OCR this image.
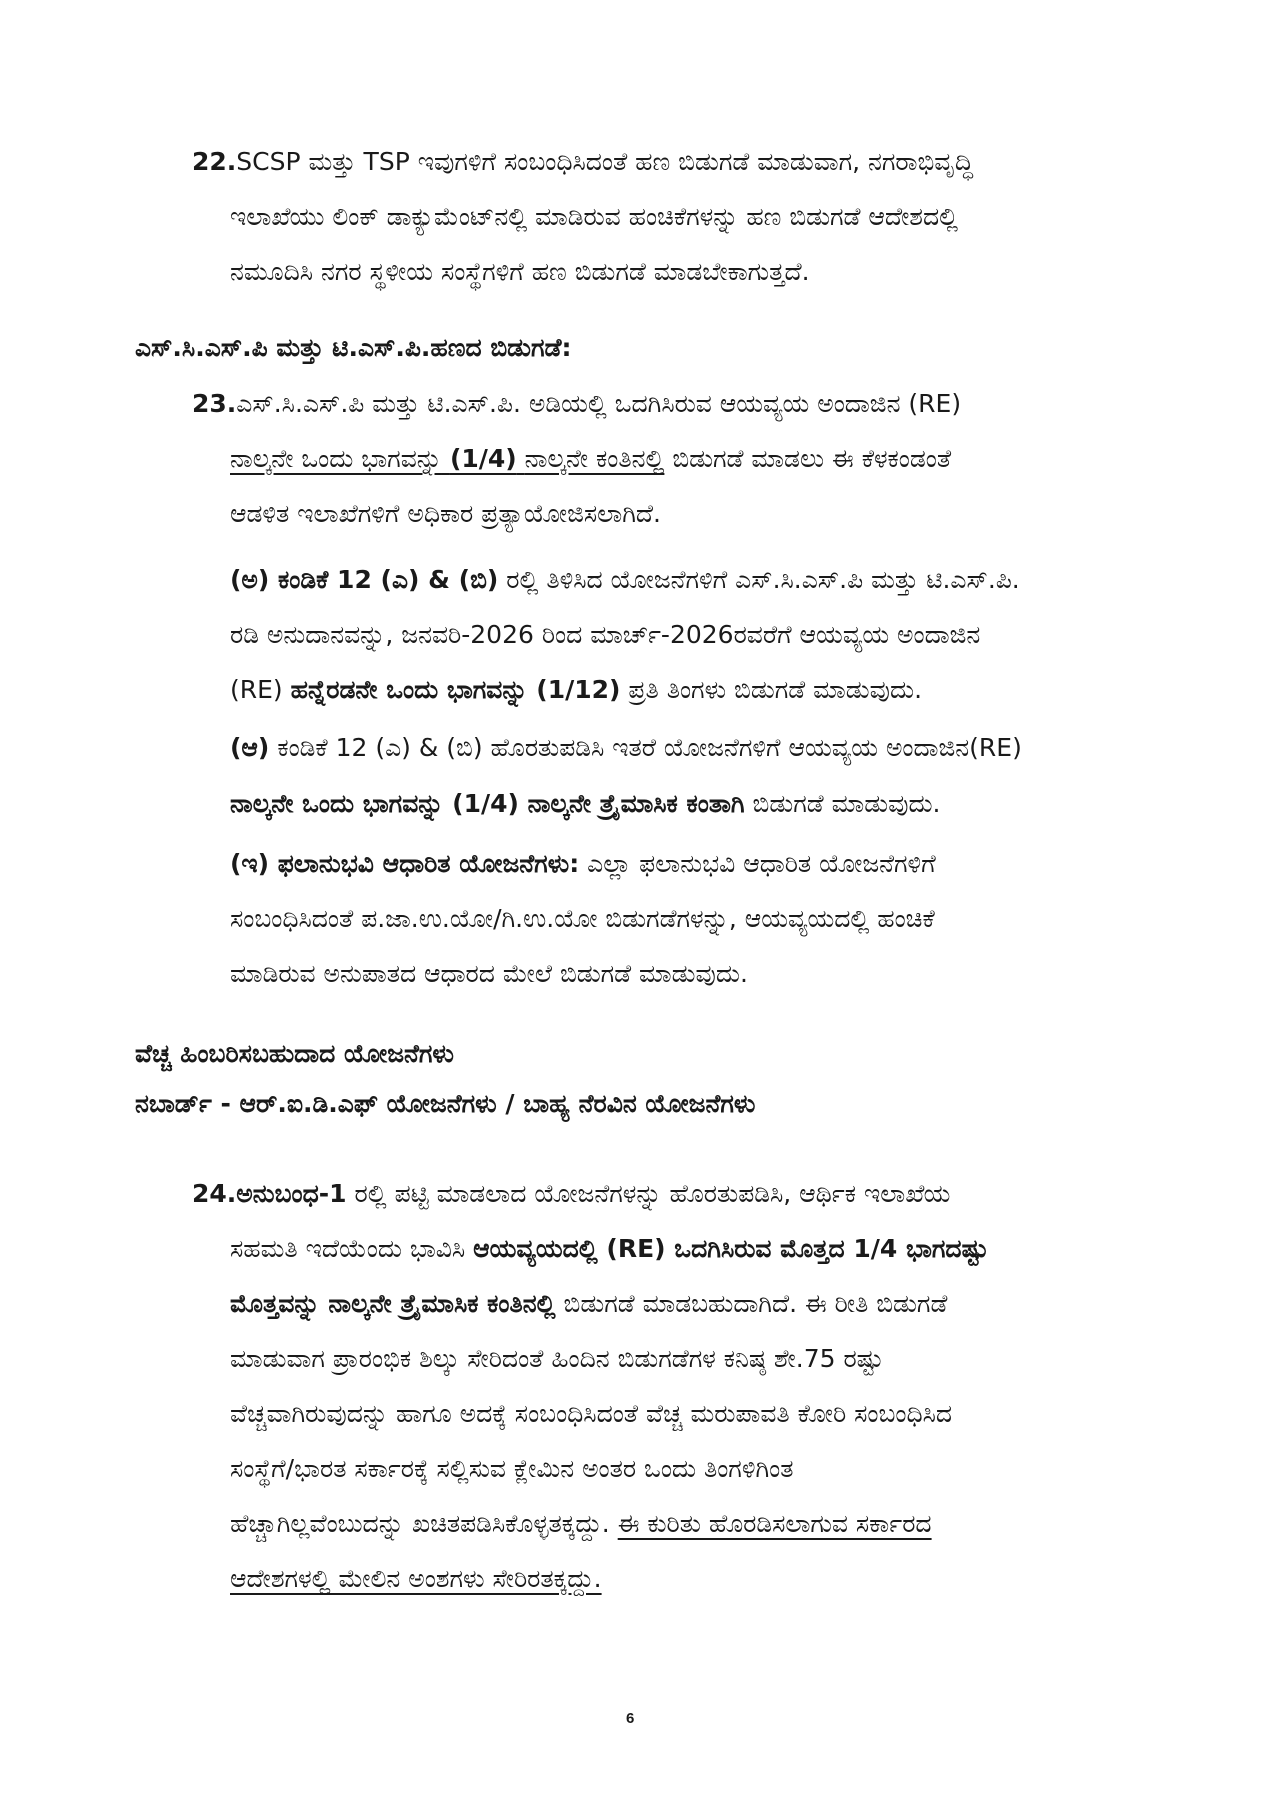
22.SCSP ಮತ್ತು TSP ಇವುಗಳಿಗೆ ಸಂಬಂಧಿಸಿದಂತೆ ಹಣ ಬಿಡುಗಡೆ ಮಾಡುವಾಗ, ನಗರಾಭಿವೃದ್ಧಿ
ಇಲಾಖೆಯು ಲಿಂಕ್ ಡಾಕ್ಯುಮೆಂಟ್‌ನಲ್ಲಿ ಮಾಡಿರುವ ಹಂಚಿಕೆಗಳನ್ನು ಹಣ ಬಿಡುಗಡೆ ಆದೇಶದಲ್ಲಿ
ನಮೂದಿಸಿ ನಗರ ಸ್ಥಳೀಯ ಸಂಸ್ಥೆಗಳಿಗೆ ಹಣ ಬಿಡುಗಡೆ ಮಾಡಬೇಕಾಗುತ್ತದೆ.
ಎಸ್.ಸಿ.ಎಸ್.ಪಿ ಮತ್ತು ಟಿ.ಎಸ್.ಪಿ.ಹಣದ ಬಿಡುಗಡೆ:
23.ಎಸ್.ಸಿ.ಎಸ್.ಪಿ ಮತ್ತು ಟಿ.ಎಸ್.ಪಿ. ಅಡಿಯಲ್ಲಿ ಒದಗಿಸಿರುವ ಆಯವ್ಯಯ ಅಂದಾಜಿನ (RE)
ನಾಲ್ಕನೇ ಒಂದು ಭಾಗವನ್ನು (1/4) ನಾಲ್ಕನೇ ಕಂತಿನಲ್ಲಿ ಬಿಡುಗಡೆ ಮಾಡಲು ಈ ಕೆಳಕಂಡಂತೆ
ಆಡಳಿತ ಇಲಾಖೆಗಳಿಗೆ ಅಧಿಕಾರ ಪ್ರತ್ಯಾಯೋಜಿಸಲಾಗಿದೆ.
(ಅ) ಕಂಡಿಕೆ 12 (ಎ) & (ಬಿ) ರಲ್ಲಿ ತಿಳಿಸಿದ ಯೋಜನೆಗಳಿಗೆ ಎಸ್.ಸಿ.ಎಸ್.ಪಿ ಮತ್ತು ಟಿ.ಎಸ್.ಪಿ.
ರಡಿ ಅನುದಾನವನ್ನು, ಜನವರಿ-2026 ರಿಂದ ಮಾರ್ಚ್-2026ರವರೆಗೆ ಆಯವ್ಯಯ ಅಂದಾಜಿನ
(RE) ಹನ್ನೆರಡನೇ ಒಂದು ಭಾಗವನ್ನು (1/12) ಪ್ರತಿ ತಿಂಗಳು ಬಿಡುಗಡೆ ಮಾಡುವುದು.
(ಆ) ಕಂಡಿಕೆ 12 (ಎ) & (ಬಿ) ಹೊರತುಪಡಿಸಿ ಇತರೆ ಯೋಜನೆಗಳಿಗೆ ಆಯವ್ಯಯ ಅಂದಾಜಿನ(RE)
ನಾಲ್ಕನೇ ಒಂದು ಭಾಗವನ್ನು (1/4) ನಾಲ್ಕನೇ ತ್ರೈಮಾಸಿಕ ಕಂತಾಗಿ ಬಿಡುಗಡೆ ಮಾಡುವುದು.
(ಇ) ಫಲಾನುಭವಿ ಆಧಾರಿತ ಯೋಜನೆಗಳು: ಎಲ್ಲಾ ಫಲಾನುಭವಿ ಆಧಾರಿತ ಯೋಜನೆಗಳಿಗೆ
ಸಂಬಂಧಿಸಿದಂತೆ ಪ.ಜಾ.ಉ.ಯೋ/ಗಿ.ಉ.ಯೋ ಬಿಡುಗಡೆಗಳನ್ನು, ಆಯವ್ಯಯದಲ್ಲಿ ಹಂಚಿಕೆ
ಮಾಡಿರುವ ಅನುಪಾತದ ಆಧಾರದ ಮೇಲೆ ಬಿಡುಗಡೆ ಮಾಡುವುದು.
ವೆಚ್ಚ ಹಿಂಬರಿಸಬಹುದಾದ ಯೋಜನೆಗಳು
ನಬಾರ್ಡ್ - ಆರ್.ಐ.ಡಿ.ಎಫ್ ಯೋಜನೆಗಳು / ಬಾಹ್ಯ ನೆರವಿನ ಯೋಜನೆಗಳು
24.ಅನುಬಂಧ-1 ರಲ್ಲಿ ಪಟ್ಟಿ ಮಾಡಲಾದ ಯೋಜನೆಗಳನ್ನು ಹೊರತುಪಡಿಸಿ, ಆರ್ಥಿಕ ಇಲಾಖೆಯ
ಸಹಮತಿ ಇದೆಯೆಂದು ಭಾವಿಸಿ ಆಯವ್ಯಯದಲ್ಲಿ (RE) ಒದಗಿಸಿರುವ ಮೊತ್ತದ 1/4 ಭಾಗದಷ್ಟು
ಮೊತ್ತವನ್ನು ನಾಲ್ಕನೇ ತ್ರೈಮಾಸಿಕ ಕಂತಿನಲ್ಲಿ ಬಿಡುಗಡೆ ಮಾಡಬಹುದಾಗಿದೆ. ಈ ರೀತಿ ಬಿಡುಗಡೆ
ಮಾಡುವಾಗ ಪ್ರಾರಂಭಿಕ ಶಿಲ್ಕು ಸೇರಿದಂತೆ ಹಿಂದಿನ ಬಿಡುಗಡೆಗಳ ಕನಿಷ್ಠ ಶೇ.75 ರಷ್ಟು
ವೆಚ್ಚವಾಗಿರುವುದನ್ನು ಹಾಗೂ ಅದಕ್ಕೆ ಸಂಬಂಧಿಸಿದಂತೆ ವೆಚ್ಚ ಮರುಪಾವತಿ ಕೋರಿ ಸಂಬಂಧಿಸಿದ
ಸಂಸ್ಥೆಗೆ/ಭಾರತ ಸರ್ಕಾರಕ್ಕೆ ಸಲ್ಲಿಸುವ ಕ್ಲೇಮಿನ ಅಂತರ ಒಂದು ತಿಂಗಳಿಗಿಂತ
ಹೆಚ್ಚಾಗಿಲ್ಲವೆಂಬುದನ್ನು ಖಚಿತಪಡಿಸಿಕೊಳ್ಳತಕ್ಕದ್ದು. ಈ ಕುರಿತು ಹೊರಡಿಸಲಾಗುವ ಸರ್ಕಾರದ
ಆದೇಶಗಳಲ್ಲಿ ಮೇಲಿನ ಅಂಶಗಳು ಸೇರಿರತಕ್ಕದ್ದು.
6
